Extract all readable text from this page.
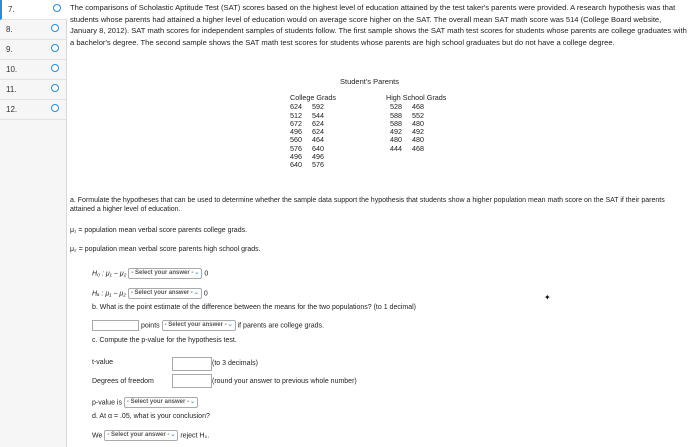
7.
8.
9.
10.
11.
12.

The comparisons of Scholastic Aptitude Test (SAT) scores based on the highest level of education attained by the test taker's parents were provided. A research hypothesis was that students whose parents had attained a higher level of education would on average score higher on the SAT. The overall mean SAT math score was 514 (College Board website, January 8, 2012). SAT math scores for independent samples of students follow. The first sample shows the SAT math test scores for students whose parents are college graduates with a bachelor's degree. The second sample shows the SAT math test scores for students whose parents are high school graduates but do not have a college degree.

Student's Parents
College Grads
624	592
512	544
672	624
496	624
560	464
576	640
496	496
640	576
High School Grads
528	468
588	552
588	480
492	492
480	480
444	468
a. Formulate the hypotheses that can be used to determine whether the sample data support the hypothesis that students show a higher population mean math score on the SAT if their parents attained a higher level of education.
μ₁ = population mean verbal score parents college grads.
μ₂ = population mean verbal score parents high school grads.
H₀ : μ₁ − μ₂ - Select your answer -⌄ 0
Hₐ : μ₁ − μ₂ - Select your answer -⌄ 0
b. What is the point estimate of the difference between the means for the two populations? (to 1 decimal)
points - Select your answer -⌄ if parents are college grads.
c. Compute the p-value for the hypothesis test.
t-value	(to 3 decimals)
Degrees of freedom	(round your answer to previous whole number)
p-value is - Select your answer -⌄
d. At α = .05, what is your conclusion?
We - Select your answer -⌄ reject H₀.
✦
